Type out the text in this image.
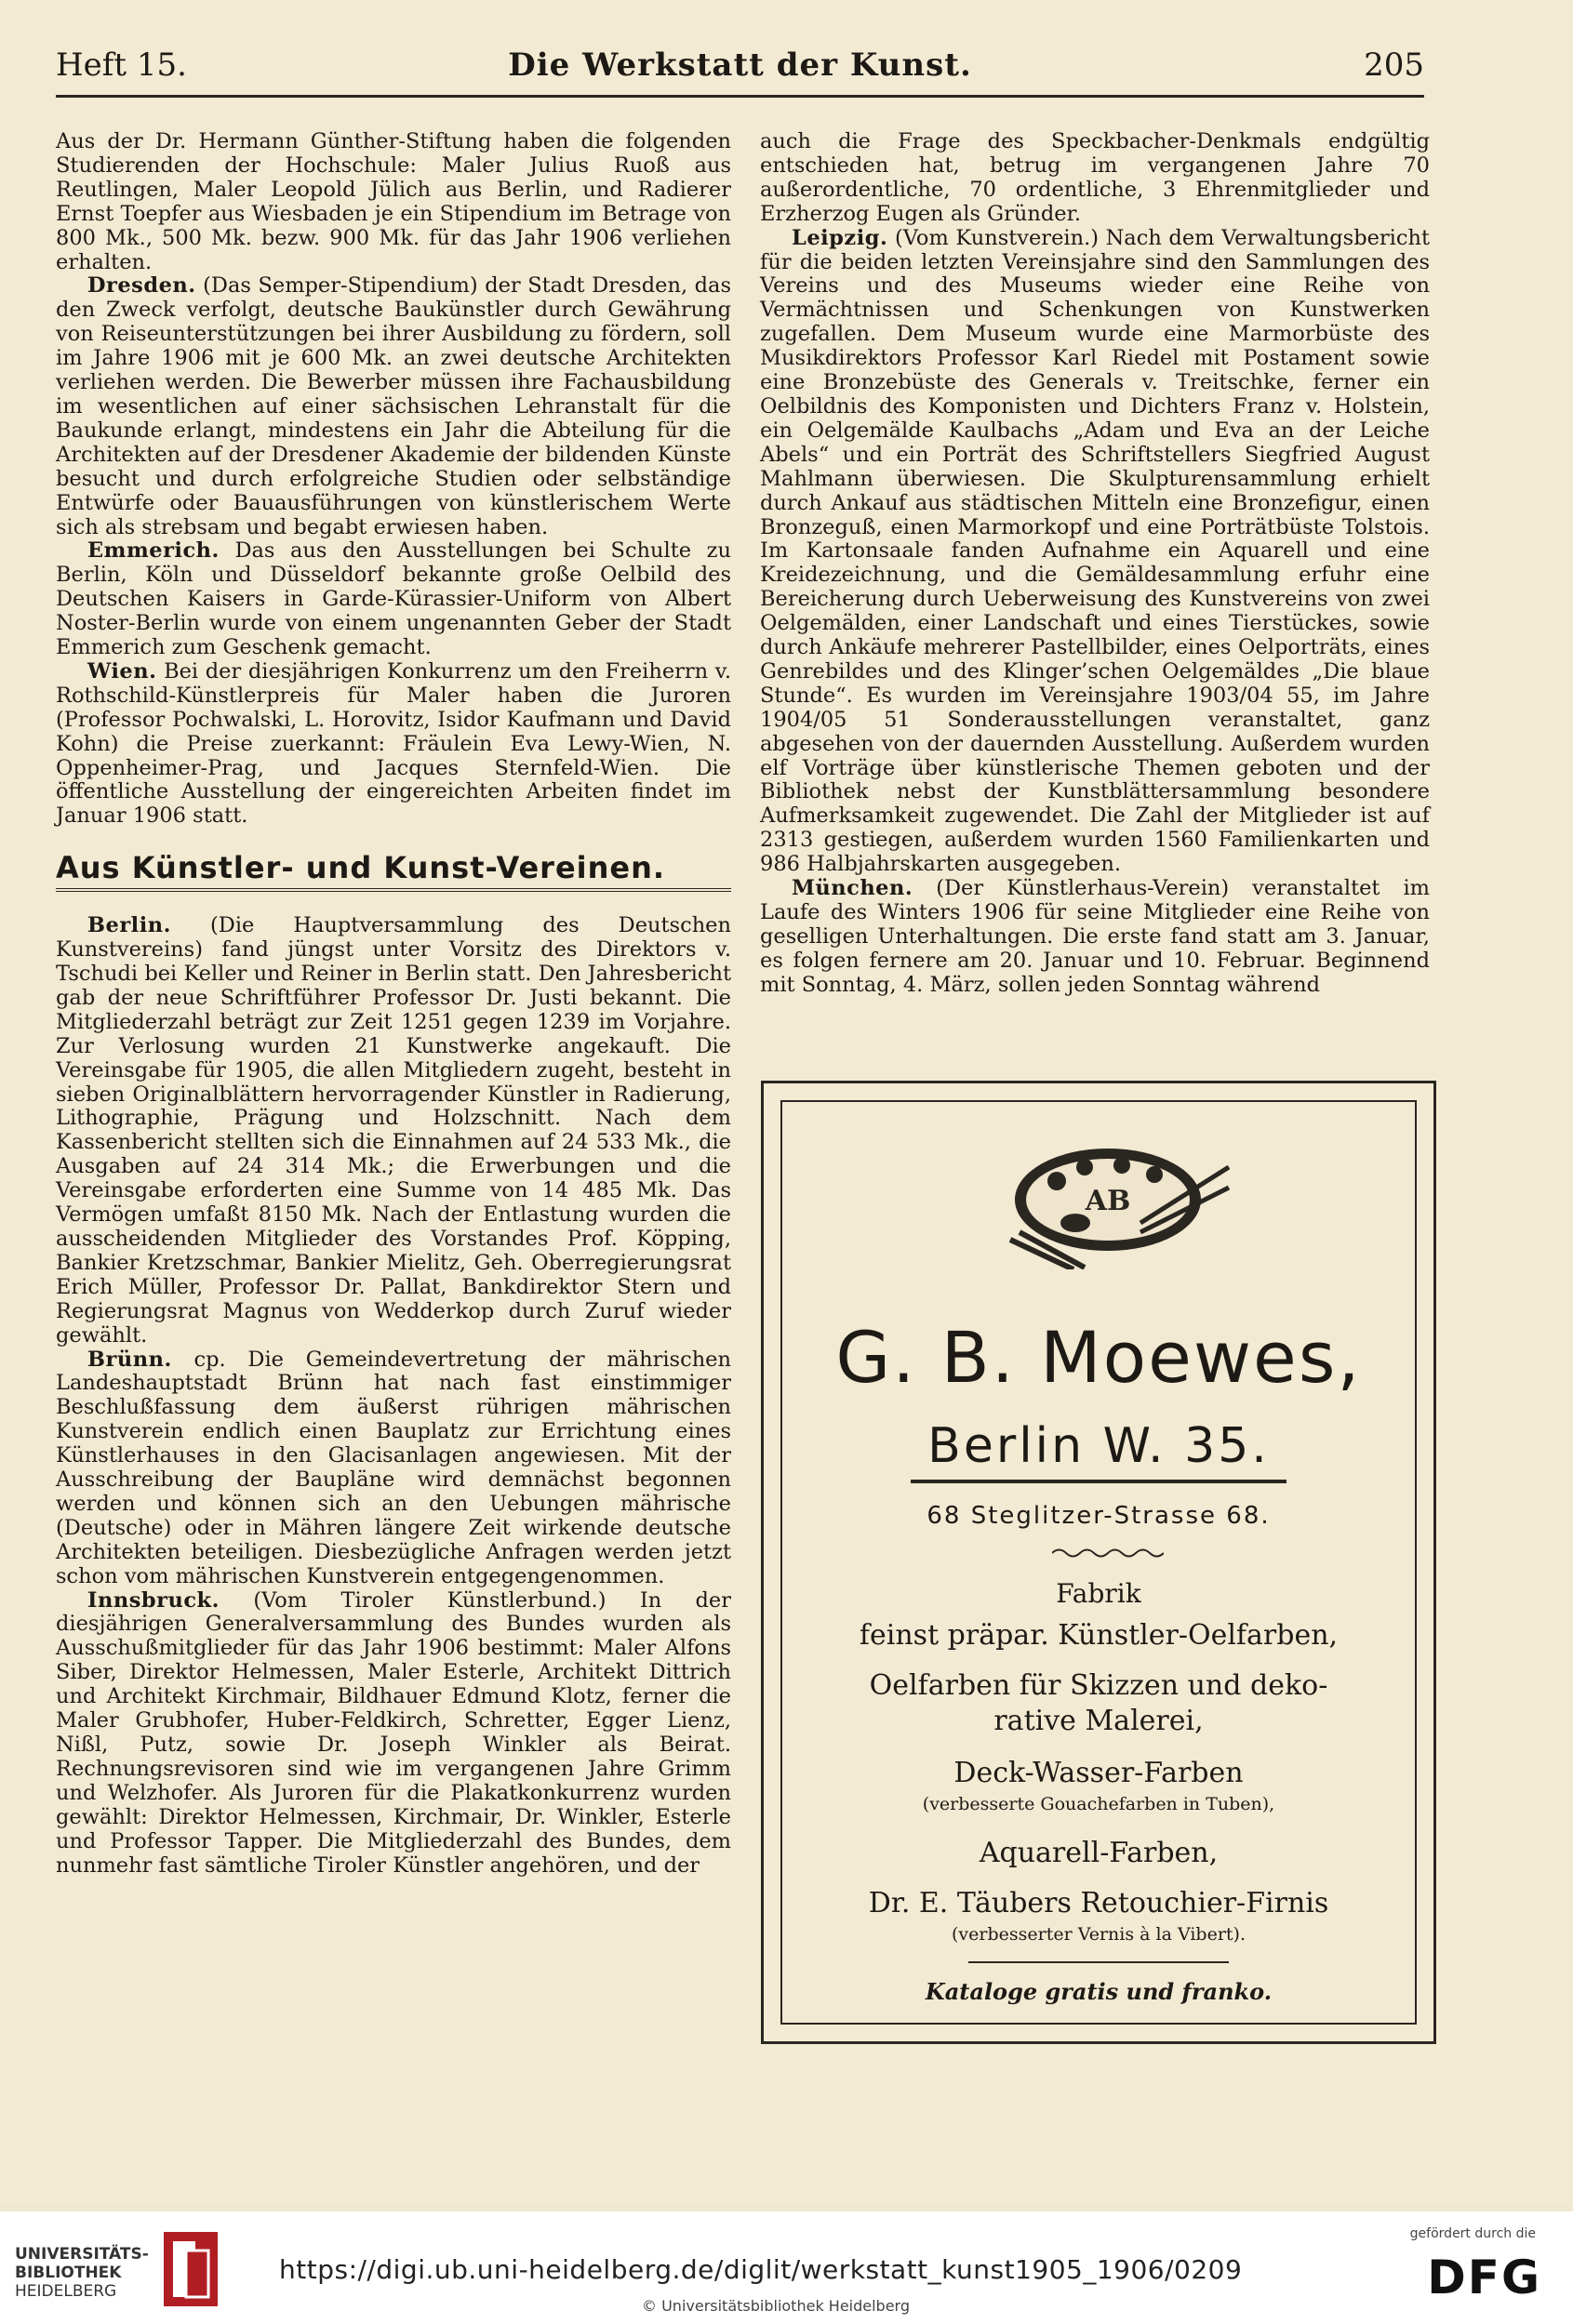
Heft 15.	Die Werkstatt der Kunst.	205

Aus der Dr. Hermann Günther-Stiftung haben die folgenden Studierenden der Hochschule: Maler Julius Ruoß aus Reutlingen, Maler Leopold Jülich aus Berlin, und Radierer Ernst Toepfer aus Wiesbaden je ein Stipendium im Betrage von 800 Mk., 500 Mk. bezw. 900 Mk. für das Jahr 1906 verliehen erhalten.

Dresden. (Das Semper-Stipendium) der Stadt Dresden, das den Zweck verfolgt, deutsche Baukünstler durch Gewährung von Reiseunterstützungen bei ihrer Ausbildung zu fördern, soll im Jahre 1906 mit je 600 Mk. an zwei deutsche Architekten verliehen werden. Die Bewerber müssen ihre Fachausbildung im wesentlichen auf einer sächsischen Lehranstalt für die Baukunde erlangt, mindestens ein Jahr die Abteilung für die Architekten auf der Dresdener Akademie der bildenden Künste besucht und durch erfolgreiche Studien oder selbständige Entwürfe oder Bauausführungen von künstlerischem Werte sich als strebsam und begabt erwiesen haben.

Emmerich. Das aus den Ausstellungen bei Schulte zu Berlin, Köln und Düsseldorf bekannte große Oelbild des Deutschen Kaisers in Garde-Kürassier-Uniform von Albert Noster-Berlin wurde von einem ungenannten Geber der Stadt Emmerich zum Geschenk gemacht.

Wien. Bei der diesjährigen Konkurrenz um den Freiherrn v. Rothschild-Künstlerpreis für Maler haben die Juroren (Professor Pochwalski, L. Horovitz, Isidor Kaufmann und David Kohn) die Preise zuerkannt: Fräulein Eva Lewy-Wien, N. Oppenheimer-Prag, und Jacques Sternfeld-Wien. Die öffentliche Ausstellung der eingereichten Arbeiten findet im Januar 1906 statt.

Aus Künstler- und Kunst-Vereinen.

Berlin. (Die Hauptversammlung des Deutschen Kunstvereins) fand jüngst unter Vorsitz des Direktors v. Tschudi bei Keller und Reiner in Berlin statt. Den Jahresbericht gab der neue Schriftführer Professor Dr. Justi bekannt. Die Mitgliederzahl beträgt zur Zeit 1251 gegen 1239 im Vorjahre. Zur Verlosung wurden 21 Kunstwerke angekauft. Die Vereinsgabe für 1905, die allen Mitgliedern zugeht, besteht in sieben Originalblättern hervorragender Künstler in Radierung, Lithographie, Prägung und Holzschnitt. Nach dem Kassenbericht stellten sich die Einnahmen auf 24 533 Mk., die Ausgaben auf 24 314 Mk.; die Erwerbungen und die Vereinsgabe erforderten eine Summe von 14 485 Mk. Das Vermögen umfaßt 8150 Mk. Nach der Entlastung wurden die ausscheidenden Mitglieder des Vorstandes Prof. Köpping, Bankier Kretzschmar, Bankier Mielitz, Geh. Oberregierungsrat Erich Müller, Professor Dr. Pallat, Bankdirektor Stern und Regierungsrat Magnus von Wedderkop durch Zuruf wieder gewählt.

Brünn. cp. Die Gemeindevertretung der mährischen Landeshauptstadt Brünn hat nach fast einstimmiger Beschlußfassung dem äußerst rührigen mährischen Kunstverein endlich einen Bauplatz zur Errichtung eines Künstlerhauses in den Glacisanlagen angewiesen. Mit der Ausschreibung der Baupläne wird demnächst begonnen werden und können sich an den Uebungen mährische (Deutsche) oder in Mähren längere Zeit wirkende deutsche Architekten beteiligen. Diesbezügliche Anfragen werden jetzt schon vom mährischen Kunstverein entgegengenommen.

Innsbruck. (Vom Tiroler Künstlerbund.) In der diesjährigen Generalversammlung des Bundes wurden als Ausschußmitglieder für das Jahr 1906 bestimmt: Maler Alfons Siber, Direktor Helmessen, Maler Esterle, Architekt Dittrich und Architekt Kirchmair, Bildhauer Edmund Klotz, ferner die Maler Grubhofer, Huber-Feldkirch, Schretter, Egger Lienz, Nißl, Putz, sowie Dr. Joseph Winkler als Beirat. Rechnungsrevisoren sind wie im vergangenen Jahre Grimm und Welzhofer. Als Juroren für die Plakatkonkurrenz wurden gewählt: Direktor Helmessen, Kirchmair, Dr. Winkler, Esterle und Professor Tapper. Die Mitgliederzahl des Bundes, dem nunmehr fast sämtliche Tiroler Künstler angehören, und der

auch die Frage des Speckbacher-Denkmals endgültig entschieden hat, betrug im vergangenen Jahre 70 außerordentliche, 70 ordentliche, 3 Ehrenmitglieder und Erzherzog Eugen als Gründer.

Leipzig. (Vom Kunstverein.) Nach dem Verwaltungsbericht für die beiden letzten Vereinsjahre sind den Sammlungen des Vereins und des Museums wieder eine Reihe von Vermächtnissen und Schenkungen von Kunstwerken zugefallen. Dem Museum wurde eine Marmorbüste des Musikdirektors Professor Karl Riedel mit Postament sowie eine Bronzebüste des Generals v. Treitschke, ferner ein Oelbildnis des Komponisten und Dichters Franz v. Holstein, ein Oelgemälde Kaulbachs „Adam und Eva an der Leiche Abels“ und ein Porträt des Schriftstellers Siegfried August Mahlmann überwiesen. Die Skulpturensammlung erhielt durch Ankauf aus städtischen Mitteln eine Bronzefigur, einen Bronzeguß, einen Marmorkopf und eine Porträtbüste Tolstois. Im Kartonsaale fanden Aufnahme ein Aquarell und eine Kreidezeichnung, und die Gemäldesammlung erfuhr eine Bereicherung durch Ueberweisung des Kunstvereins von zwei Oelgemälden, einer Landschaft und eines Tierstückes, sowie durch Ankäufe mehrerer Pastellbilder, eines Oelporträts, eines Genrebildes und des Klinger’schen Oelgemäldes „Die blaue Stunde“. Es wurden im Vereinsjahre 1903/04 55, im Jahre 1904/05 51 Sonderausstellungen veranstaltet, ganz abgesehen von der dauernden Ausstellung. Außerdem wurden elf Vorträge über künstlerische Themen geboten und der Bibliothek nebst der Kunstblättersammlung besondere Aufmerksamkeit zugewendet. Die Zahl der Mitglieder ist auf 2313 gestiegen, außerdem wurden 1560 Familienkarten und 986 Halbjahrskarten ausgegeben.

München. (Der Künstlerhaus-Verein) veranstaltet im Laufe des Winters 1906 für seine Mitglieder eine Reihe von geselligen Unterhaltungen. Die erste fand statt am 3. Januar, es folgen fernere am 20. Januar und 10. Februar. Beginnend mit Sonntag, 4. März, sollen jeden Sonntag während

AB
G. B. Moewes,
Berlin W. 35.
68 Steglitzer-Strasse 68.
Fabrik
feinst präpar. Künstler-Oelfarben,
Oelfarben für Skizzen und deko-
rative Malerei,
Deck-Wasser-Farben
(verbesserte Gouachefarben in Tuben),
Aquarell-Farben,
Dr. E. Täubers Retouchier-Firnis
(verbesserter Vernis à la Vibert).
Kataloge gratis und franko.
UNIVERSITÄTS-
BIBLIOTHEK
HEIDELBERG
https://digi.ub.uni-heidelberg.de/diglit/werkstatt_kunst1905_1906/0209
© Universitätsbibliothek Heidelberg
gefördert durch die
DFG
